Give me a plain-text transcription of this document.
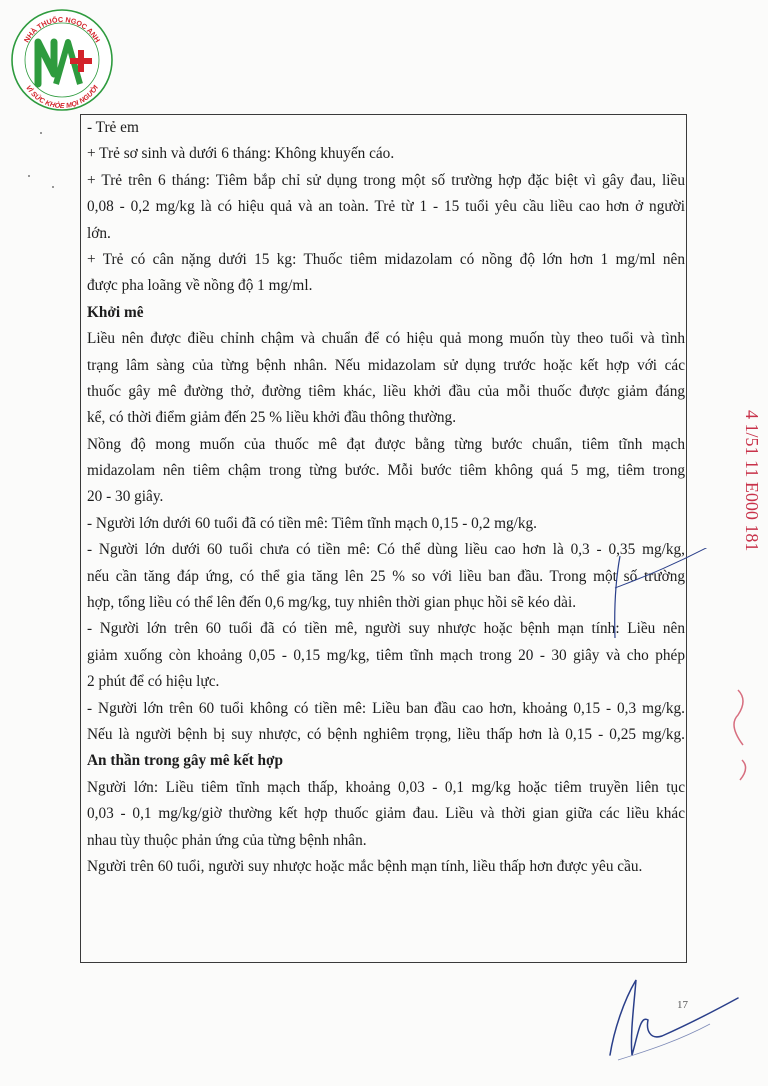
NHÀ THUỐC NGỌC ANH
VÌ SỨC KHỎE MỌI NGƯỜI
- Trẻ em
+ Trẻ sơ sinh và dưới 6 tháng: Không khuyến cáo.
+ Trẻ trên 6 tháng: Tiêm bắp chỉ sử dụng trong một số trường hợp đặc biệt vì gây đau, liều
0,08 - 0,2 mg/kg là có hiệu quả và an toàn. Trẻ từ 1 - 15 tuổi yêu cầu liều cao hơn ở người
lớn.
+ Trẻ có cân nặng dưới 15 kg: Thuốc tiêm midazolam có nồng độ lớn hơn 1 mg/ml nên
được pha loãng về nồng độ 1 mg/ml.
Khởi mê
Liều nên được điều chỉnh chậm và chuẩn để có hiệu quả mong muốn tùy theo tuổi và tình
trạng lâm sàng của từng bệnh nhân. Nếu midazolam sử dụng trước hoặc kết hợp với các
thuốc gây mê đường thở, đường tiêm khác, liều khởi đầu của mỗi thuốc được giảm đáng
kể, có thời điểm giảm đến 25 % liều khởi đầu thông thường.
Nồng độ mong muốn của thuốc mê đạt được bằng từng bước chuẩn, tiêm tĩnh mạch
midazolam nên tiêm chậm trong từng bước. Mỗi bước tiêm không quá 5 mg, tiêm trong
20 - 30 giây.
- Người lớn dưới 60 tuổi đã có tiền mê: Tiêm tĩnh mạch 0,15 - 0,2 mg/kg.
- Người lớn dưới 60 tuổi chưa có tiền mê: Có thể dùng liều cao hơn là 0,3 - 0,35 mg/kg,
nếu cần tăng đáp ứng, có thể gia tăng lên 25 % so với liều ban đầu. Trong một số trường
hợp, tổng liều có thể lên đến 0,6 mg/kg, tuy nhiên thời gian phục hồi sẽ kéo dài.
- Người lớn trên 60 tuổi đã có tiền mê, người suy nhược hoặc bệnh mạn tính: Liều nên
giảm xuống còn khoảng 0,05 - 0,15 mg/kg, tiêm tĩnh mạch trong 20 - 30 giây và cho phép
2 phút để có hiệu lực.
- Người lớn trên 60 tuổi không có tiền mê: Liều ban đầu cao hơn, khoảng 0,15 - 0,3 mg/kg.
Nếu là người bệnh bị suy nhược, có bệnh nghiêm trọng, liều thấp hơn là 0,15 - 0,25 mg/kg.
An thần trong gây mê kết hợp
Người lớn: Liều tiêm tĩnh mạch thấp, khoảng 0,03 - 0,1 mg/kg hoặc tiêm truyền liên tục
0,03 - 0,1 mg/kg/giờ thường kết hợp thuốc giảm đau. Liều và thời gian giữa các liều khác
nhau tùy thuộc phản ứng của từng bệnh nhân.
Người trên 60 tuổi, người suy nhược hoặc mắc bệnh mạn tính, liều thấp hơn được yêu cầu.
4 1/51 11 E000 181
17
